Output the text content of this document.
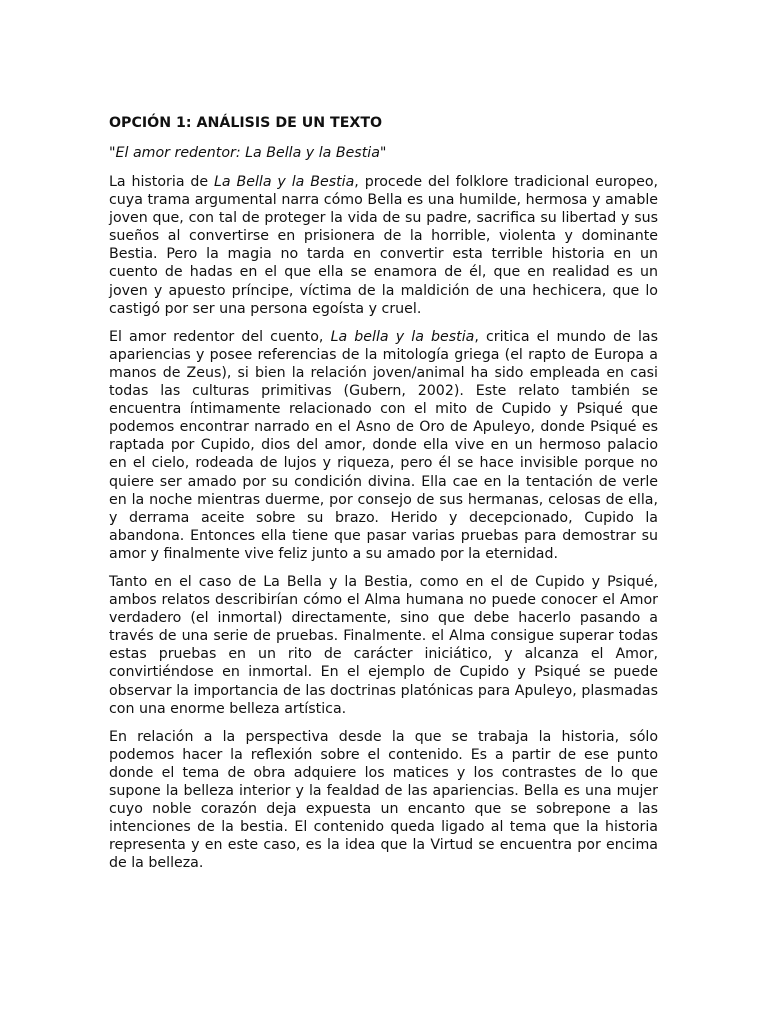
OPCIÓN 1: ANÁLISIS DE UN TEXTO

"El amor redentor: La Bella y la Bestia"

La historia de La Bella y la Bestia, procede del folklore tradicional europeo, cuya trama argumental narra cómo Bella es una humilde, hermosa y amable joven que, con tal de proteger la vida de su padre, sacrifica su libertad y sus sueños al convertirse en prisionera de la horrible, violenta y dominante Bestia. Pero la magia no tarda en convertir esta terrible historia en un cuento de hadas en el que ella se enamora de él, que en realidad es un joven y apuesto príncipe, víctima de la maldición de una hechicera, que lo castigó por ser una persona egoísta y cruel.

El amor redentor del cuento, La bella y la bestia, critica el mundo de las apariencias y posee referencias de la mitología griega (el rapto de Europa a manos de Zeus), si bien la relación joven/animal ha sido empleada en casi todas las culturas primitivas (Gubern, 2002). Este relato también se encuentra íntimamente relacionado con el mito de Cupido y Psiqué que podemos encontrar narrado en el Asno de Oro de Apuleyo, donde Psiqué es raptada por Cupido, dios del amor, donde ella vive en un hermoso palacio en el cielo, rodeada de lujos y riqueza, pero él se hace invisible porque no quiere ser amado por su condición divina. Ella cae en la tentación de verle en la noche mientras duerme, por consejo de sus hermanas, celosas de ella, y derrama aceite sobre su brazo. Herido y decepcionado, Cupido la abandona. Entonces ella tiene que pasar varias pruebas para demostrar su amor y finalmente vive feliz junto a su amado por la eternidad.

Tanto en el caso de La Bella y la Bestia, como en el de Cupido y Psiqué, ambos relatos describirían cómo el Alma humana no puede conocer el Amor verdadero (el inmortal) directamente, sino que debe hacerlo pasando a través de una serie de pruebas. Finalmente. el Alma consigue superar todas estas pruebas en un rito de carácter iniciático, y alcanza el Amor, convirtiéndose en inmortal. En el ejemplo de Cupido y Psiqué se puede observar la importancia de las doctrinas platónicas para Apuleyo, plasmadas con una enorme belleza artística.

En relación a la perspectiva desde la que se trabaja la historia, sólo podemos hacer la reflexión sobre el contenido. Es a partir de ese punto donde el tema de obra adquiere los matices y los contrastes de lo que supone la belleza interior y la fealdad de las apariencias. Bella es una mujer cuyo noble corazón deja expuesta un encanto que se sobrepone a las intenciones de la bestia. El contenido queda ligado al tema que la historia representa y en este caso, es la idea que la Virtud se encuentra por encima de la belleza.
